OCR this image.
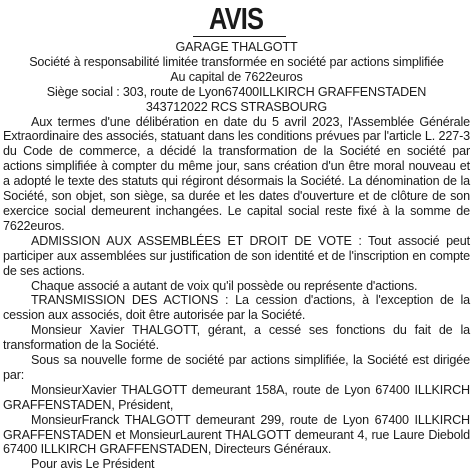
AVIS
GARAGE THALGOTT
Société à responsabilité limitée transformée en société par actions simplifiée
Au capital de 7622euros
Siège social : 303, route de Lyon67400ILLKIRCH GRAFFENSTADEN
343712022 RCS STRASBOURG

Aux termes d'une délibération en date du 5 avril 2023, l'Assemblée Générale Extraordinaire des associés, statuant dans les conditions prévues par l'article L. 227-3 du Code de commerce, a décidé la transformation de la Société en société par actions simplifiée à compter du même jour, sans création d'un être moral nouveau et a adopté le texte des statuts qui régiront désormais la Société. La dénomination de la Société, son objet, son siège, sa durée et les dates d'ouverture et de clôture de son exercice social demeurent inchangées. Le capital social reste fixé à la somme de 7622euros.

ADMISSION AUX ASSEMBLÉES ET DROIT DE VOTE : Tout associé peut participer aux assemblées sur justification de son identité et de l'inscription en compte de ses actions.

Chaque associé a autant de voix qu'il possède ou représente d'actions.

TRANSMISSION DES ACTIONS : La cession d'actions, à l'exception de la cession aux associés, doit être autorisée par la Société.

Monsieur Xavier THALGOTT, gérant, a cessé ses fonctions du fait de la transformation de la Société.

Sous sa nouvelle forme de société par actions simplifiée, la Société est dirigée par:

MonsieurXavier THALGOTT demeurant 158A, route de Lyon 67400 ILLKIRCH GRAFFENSTADEN, Président,

MonsieurFranck THALGOTT demeurant 299, route de Lyon 67400 ILLKIRCH GRAFFENSTADEN et MonsieurLaurent THALGOTT demeurant 4, rue Laure Diebold 67400 ILLKIRCH GRAFFENSTADEN, Directeurs Généraux.

Pour avis Le Président
